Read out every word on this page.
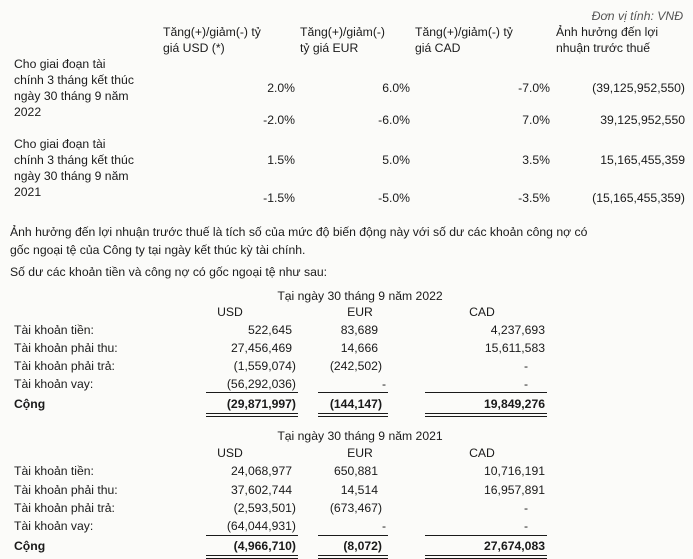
Đơn vị tính: VNĐ
Tăng(+)/giảm(-) tỷ
giá USD (*)
Tăng(+)/giảm(-)
tỷ giá EUR
Tăng(+)/giảm(-) tỷ
giá CAD
Ảnh hưởng đến lợi
nhuận trước thuế
Cho giai đoạn tài
chính 3 tháng kết thúc
ngày 30 tháng 9 năm
2022
2.0%	6.0%	-7.0%	(39,125,952,550)
-2.0%	-6.0%	7.0%	39,125,952,550
Cho giai đoạn tài
chính 3 tháng kết thúc
ngày 30 tháng 9 năm
2021
1.5%	5.0%	3.5%	15,165,455,359
-1.5%	-5.0%	-3.5%	(15,165,455,359)
Ảnh hưởng đến lợi nhuận trước thuế là tích số của mức độ biến động này với số dư các khoản công nợ có
gốc ngoại tệ của Công ty tại ngày kết thúc kỳ tài chính.
Số dư các khoản tiền và công nợ có gốc ngoại tệ như sau:
Tại ngày 30 tháng 9 năm 2022
USD	EUR	CAD
Tài khoản tiền:	522,645	83,689	4,237,693
Tài khoản phải thu:	27,456,469	14,666	15,611,583
Tài khoản phải trả:	(1,559,074)	(242,502)	-
Tài khoản vay:	(56,292,036)	-	-
Cộng	(29,871,997)	(144,147)	19,849,276
Tại ngày 30 tháng 9 năm 2021
USD	EUR	CAD
Tài khoản tiền:	24,068,977	650,881	10,716,191
Tài khoản phải thu:	37,602,744	14,514	16,957,891
Tài khoản phải trả:	(2,593,501)	(673,467)	-
Tài khoản vay:	(64,044,931)	-	-
Cộng	(4,966,710)	(8,072)	27,674,083
